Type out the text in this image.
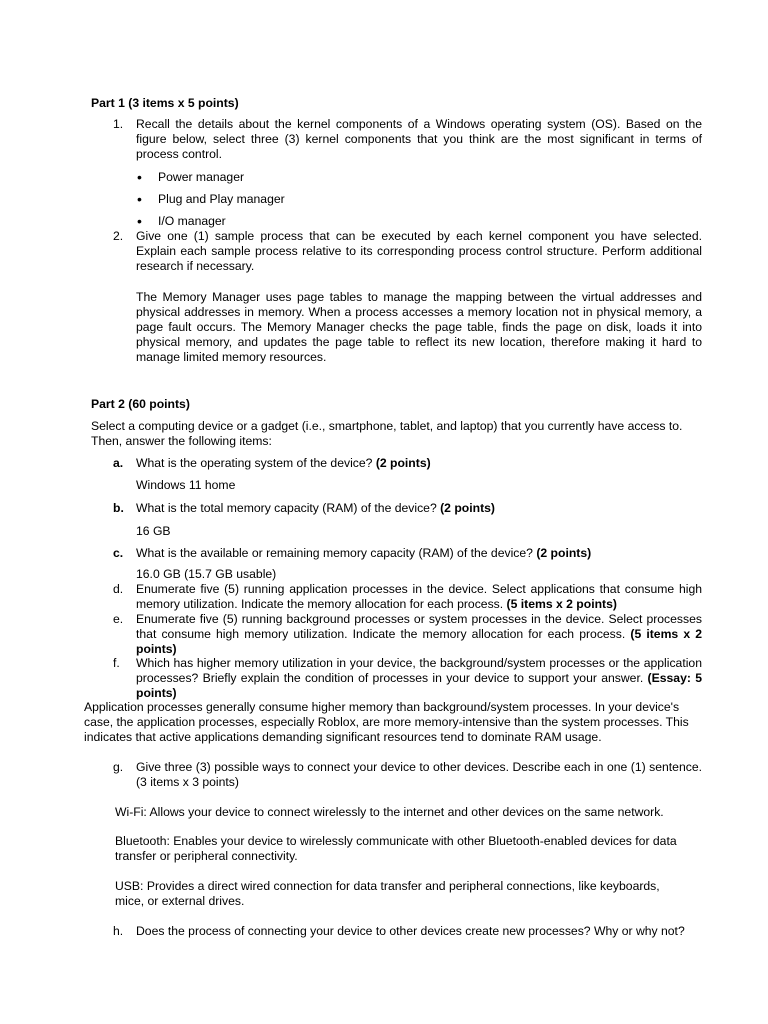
Part 1 (3 items x 5 points)
1.	Recall the details about the kernel components of a Windows operating system (OS). Based on the figure below, select three (3) kernel components that you think are the most significant in terms of process control.
•	Power manager
•	Plug and Play manager
•	I/O manager
2.	Give one (1) sample process that can be executed by each kernel component you have selected. Explain each sample process relative to its corresponding process control structure. Perform additional research if necessary.
The Memory Manager uses page tables to manage the mapping between the virtual addresses and physical addresses in memory. When a process accesses a memory location not in physical memory, a page fault occurs. The Memory Manager checks the page table, finds the page on disk, loads it into physical memory, and updates the page table to reflect its new location, therefore making it hard to manage limited memory resources.
Part 2 (60 points)
Select a computing device or a gadget (i.e., smartphone, tablet, and laptop) that you currently have access to. Then, answer the following items:
a.	What is the operating system of the device? (2 points)
Windows 11 home
b. What is the total memory capacity (RAM) of the device? (2 points)
16 GB
c.	What is the available or remaining memory capacity (RAM) of the device? (2 points)
16.0 GB (15.7 GB usable)
d.	Enumerate five (5) running application processes in the device. Select applications that consume high memory utilization. Indicate the memory allocation for each process. (5 items x 2 points)
e.	Enumerate five (5) running background processes or system processes in the device. Select processes that consume high memory utilization. Indicate the memory allocation for each process. (5 items x 2 points)
f.	Which has higher memory utilization in your device, the background/system processes or the application processes? Briefly explain the condition of processes in your device to support your answer. (Essay: 5 points)
Application processes generally consume higher memory than background/system processes. In your device's case, the application processes, especially Roblox, are more memory-intensive than the system processes. This indicates that active applications demanding significant resources tend to dominate RAM usage.
g.	Give three (3) possible ways to connect your device to other devices. Describe each in one (1) sentence. (3 items x 3 points)
Wi-Fi: Allows your device to connect wirelessly to the internet and other devices on the same network.
Bluetooth: Enables your device to wirelessly communicate with other Bluetooth-enabled devices for data transfer or peripheral connectivity.
USB: Provides a direct wired connection for data transfer and peripheral connections, like keyboards, mice, or external drives.
h.	Does the process of connecting your device to other devices create new processes? Why or why not?
